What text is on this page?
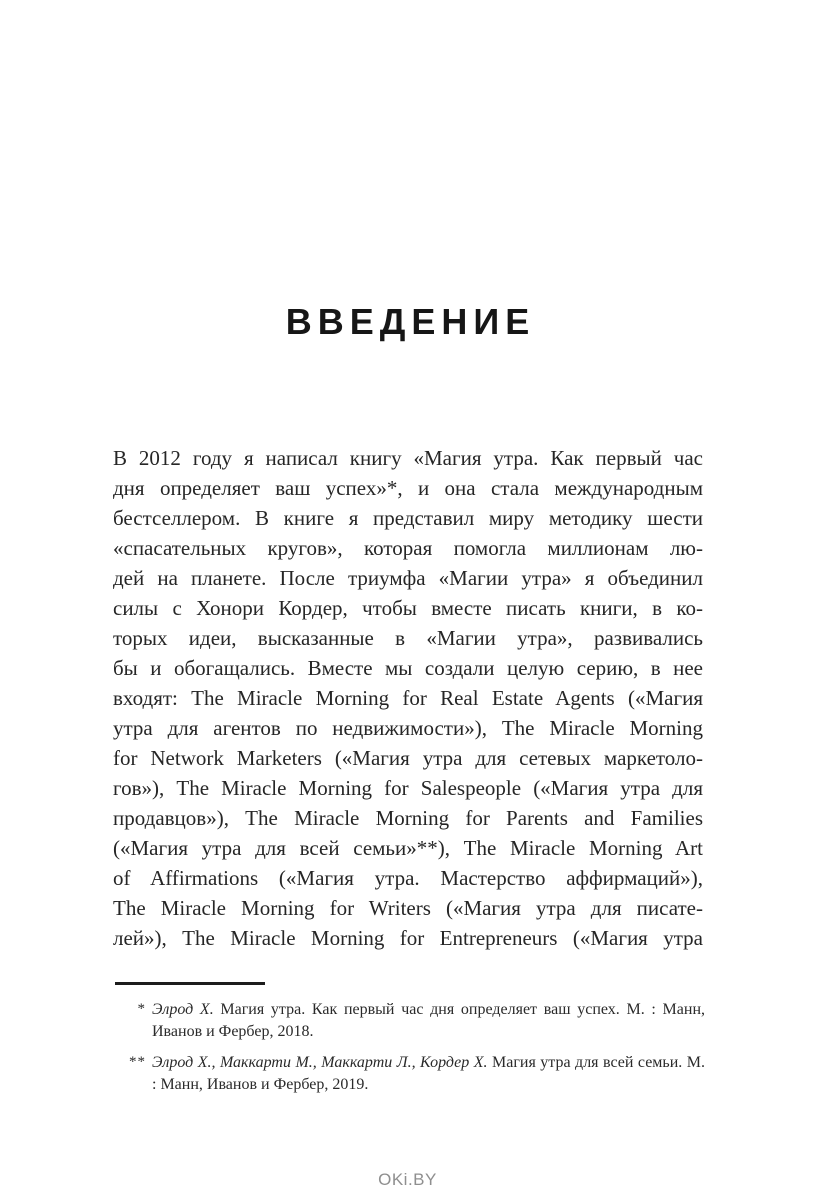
ВВЕДЕНИЕ
В 2012 году я написал книгу «Магия утра. Как первый час
дня определяет ваш успех»*, и она стала международным
бестселлером. В книге я представил миру методику шести
«спасательных кругов», которая помогла миллионам лю-
дей на планете. После триумфа «Магии утра» я объединил
силы с Хонори Кордер, чтобы вместе писать книги, в ко-
торых идеи, высказанные в «Магии утра», развивались
бы и обогащались. Вместе мы создали целую серию, в нее
входят: The Miracle Morning for Real Estate Agents («Магия
утра для агентов по недвижимости»), The Miracle Morning
for Network Marketers («Магия утра для сетевых маркетоло-
гов»), The Miracle Morning for Salespeople («Магия утра для
продавцов»), The Miracle Morning for Parents and Families
(«Магия утра для всей семьи»**), The Miracle Morning Art
of Affirmations («Магия утра. Мастерство аффирмаций»),
The Miracle Morning for Writers («Магия утра для писате-
лей»), The Miracle Morning for Entrepreneurs («Магия утра
* Элрод Х. Магия утра. Как первый час дня определяет ваш успех. М. : Манн, Иванов и Фербер, 2018.
** Элрод Х., Маккарти М., Маккарти Л., Кордер Х. Магия утра для всей семьи. М. : Манн, Иванов и Фербер, 2019.
OKi.BY
